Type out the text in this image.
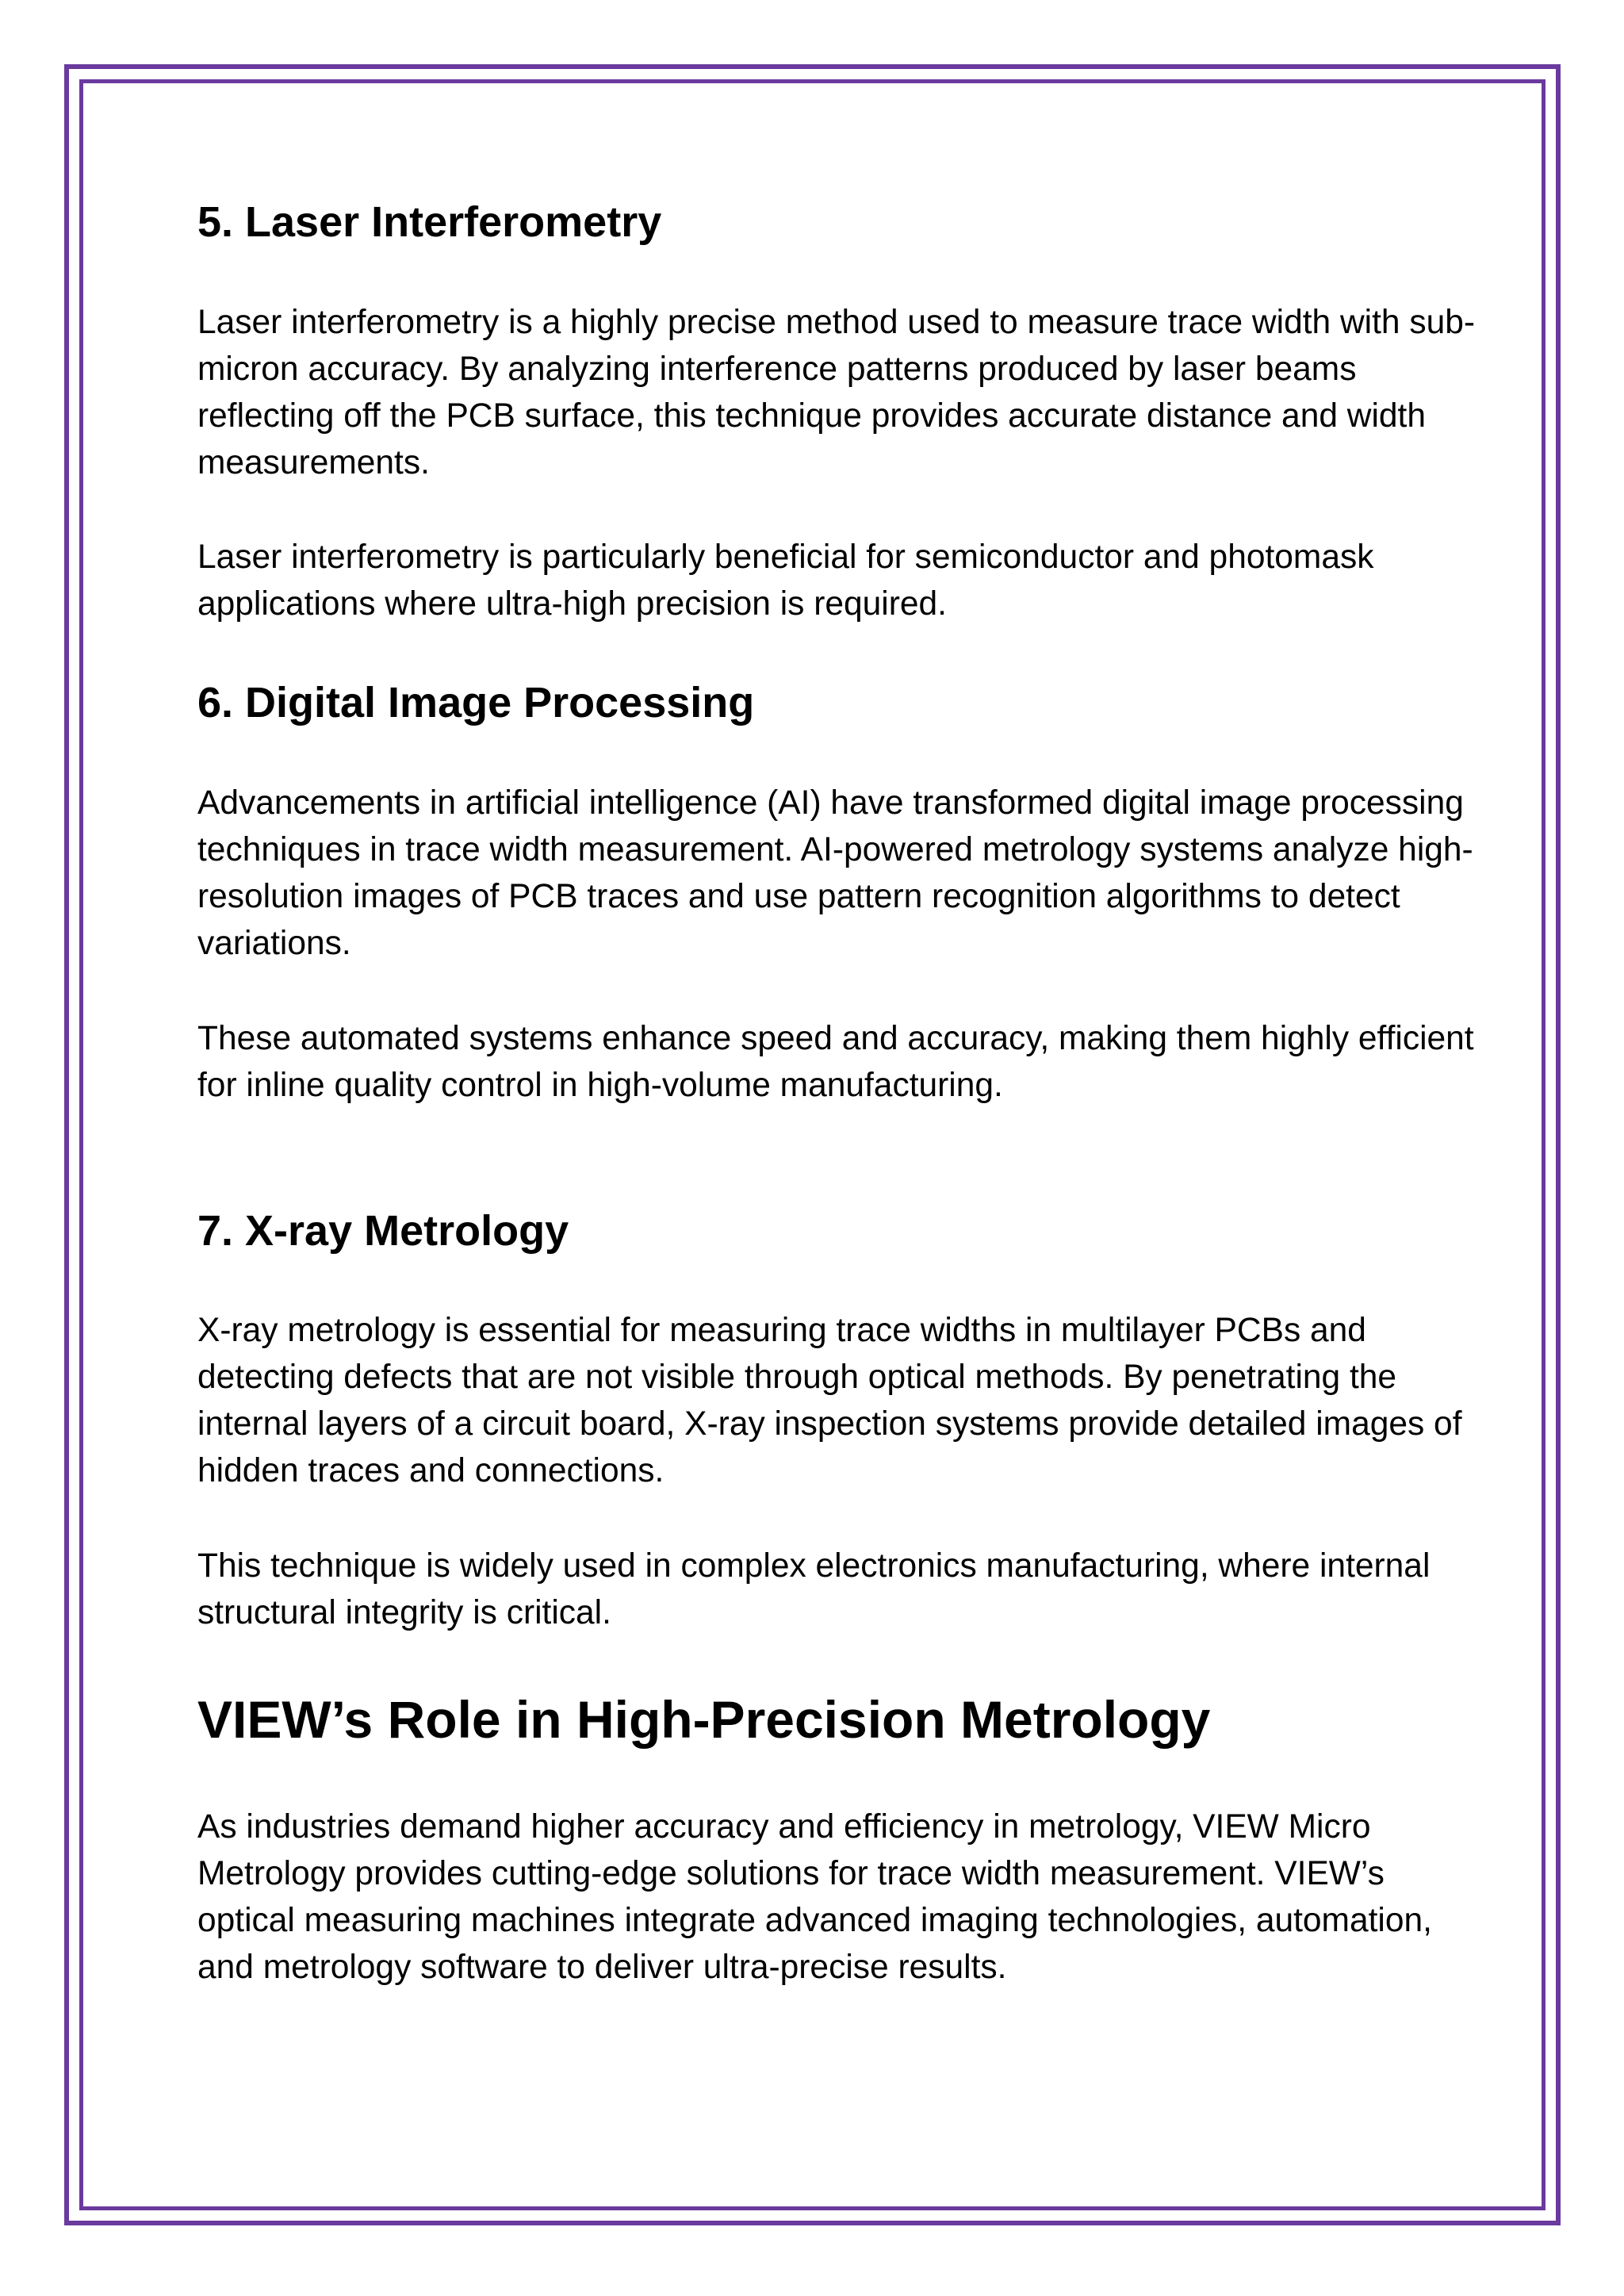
5. Laser Interferometry

Laser interferometry is a highly precise method used to measure trace width with sub-micron accuracy. By analyzing interference patterns produced by laser beams reflecting off the PCB surface, this technique provides accurate distance and width measurements.

Laser interferometry is particularly beneficial for semiconductor and photomask applications where ultra-high precision is required.

6. Digital Image Processing

Advancements in artificial intelligence (AI) have transformed digital image processing techniques in trace width measurement. AI-powered metrology systems analyze high-resolution images of PCB traces and use pattern recognition algorithms to detect variations.

These automated systems enhance speed and accuracy, making them highly efficient for inline quality control in high-volume manufacturing.

7. X-ray Metrology

X-ray metrology is essential for measuring trace widths in multilayer PCBs and detecting defects that are not visible through optical methods. By penetrating the internal layers of a circuit board, X-ray inspection systems provide detailed images of hidden traces and connections.

This technique is widely used in complex electronics manufacturing, where internal structural integrity is critical.

VIEW’s Role in High-Precision Metrology

As industries demand higher accuracy and efficiency in metrology, VIEW Micro Metrology provides cutting-edge solutions for trace width measurement. VIEW’s optical measuring machines integrate advanced imaging technologies, automation, and metrology software to deliver ultra-precise results.
